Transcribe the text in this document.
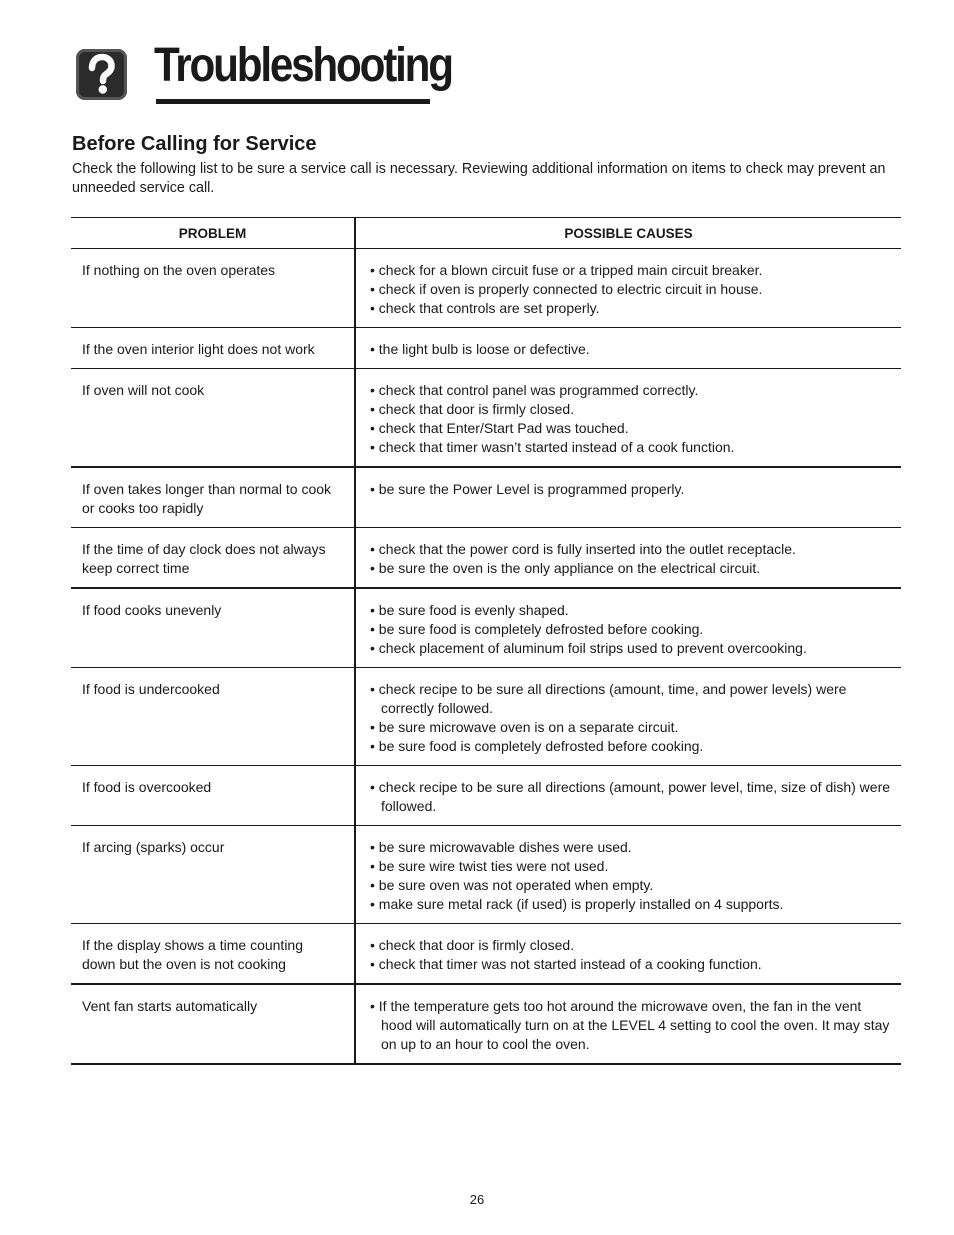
Troubleshooting
Before Calling for Service

Check the following list to be sure a service call is necessary. Reviewing additional information on items to check may prevent an unneeded service call.

PROBLEM	POSSIBLE CAUSES
If nothing on the oven operates	• check for a blown circuit fuse or a tripped main circuit breaker.
• check if oven is properly connected to electric circuit in house.
• check that controls are set properly.

If the oven interior light does not work	• the light bulb is loose or defective.

If oven will not cook	• check that control panel was programmed correctly.
• check that door is firmly closed.
• check that Enter/Start Pad was touched.
• check that timer wasn’t started instead of a cook function.

If oven takes longer than normal to cook or cooks too rapidly	• be sure the Power Level is programmed properly.

If the time of day clock does not always keep correct time	• check that the power cord is fully inserted into the outlet receptacle.
• be sure the oven is the only appliance on the electrical circuit.

If food cooks unevenly	• be sure food is evenly shaped.
• be sure food is completely defrosted before cooking.
• check placement of aluminum foil strips used to prevent overcooking.

If food is undercooked	• check recipe to be sure all directions (amount, time, and power levels) were correctly followed.
• be sure microwave oven is on a separate circuit.
• be sure food is completely defrosted before cooking.

If food is overcooked	• check recipe to be sure all directions (amount, power level, time, size of dish) were followed.

If arcing (sparks) occur	• be sure microwavable dishes were used.
• be sure wire twist ties were not used.
• be sure oven was not operated when empty.
• make sure metal rack (if used) is properly installed on 4 supports.

If the display shows a time counting down but the oven is not cooking	• check that door is firmly closed.
• check that timer was not started instead of a cooking function.

Vent fan starts automatically	• If the temperature gets too hot around the microwave oven, the fan in the vent hood will automatically turn on at the LEVEL 4 setting to cool the oven. It may stay on up to an hour to cool the oven.
26
